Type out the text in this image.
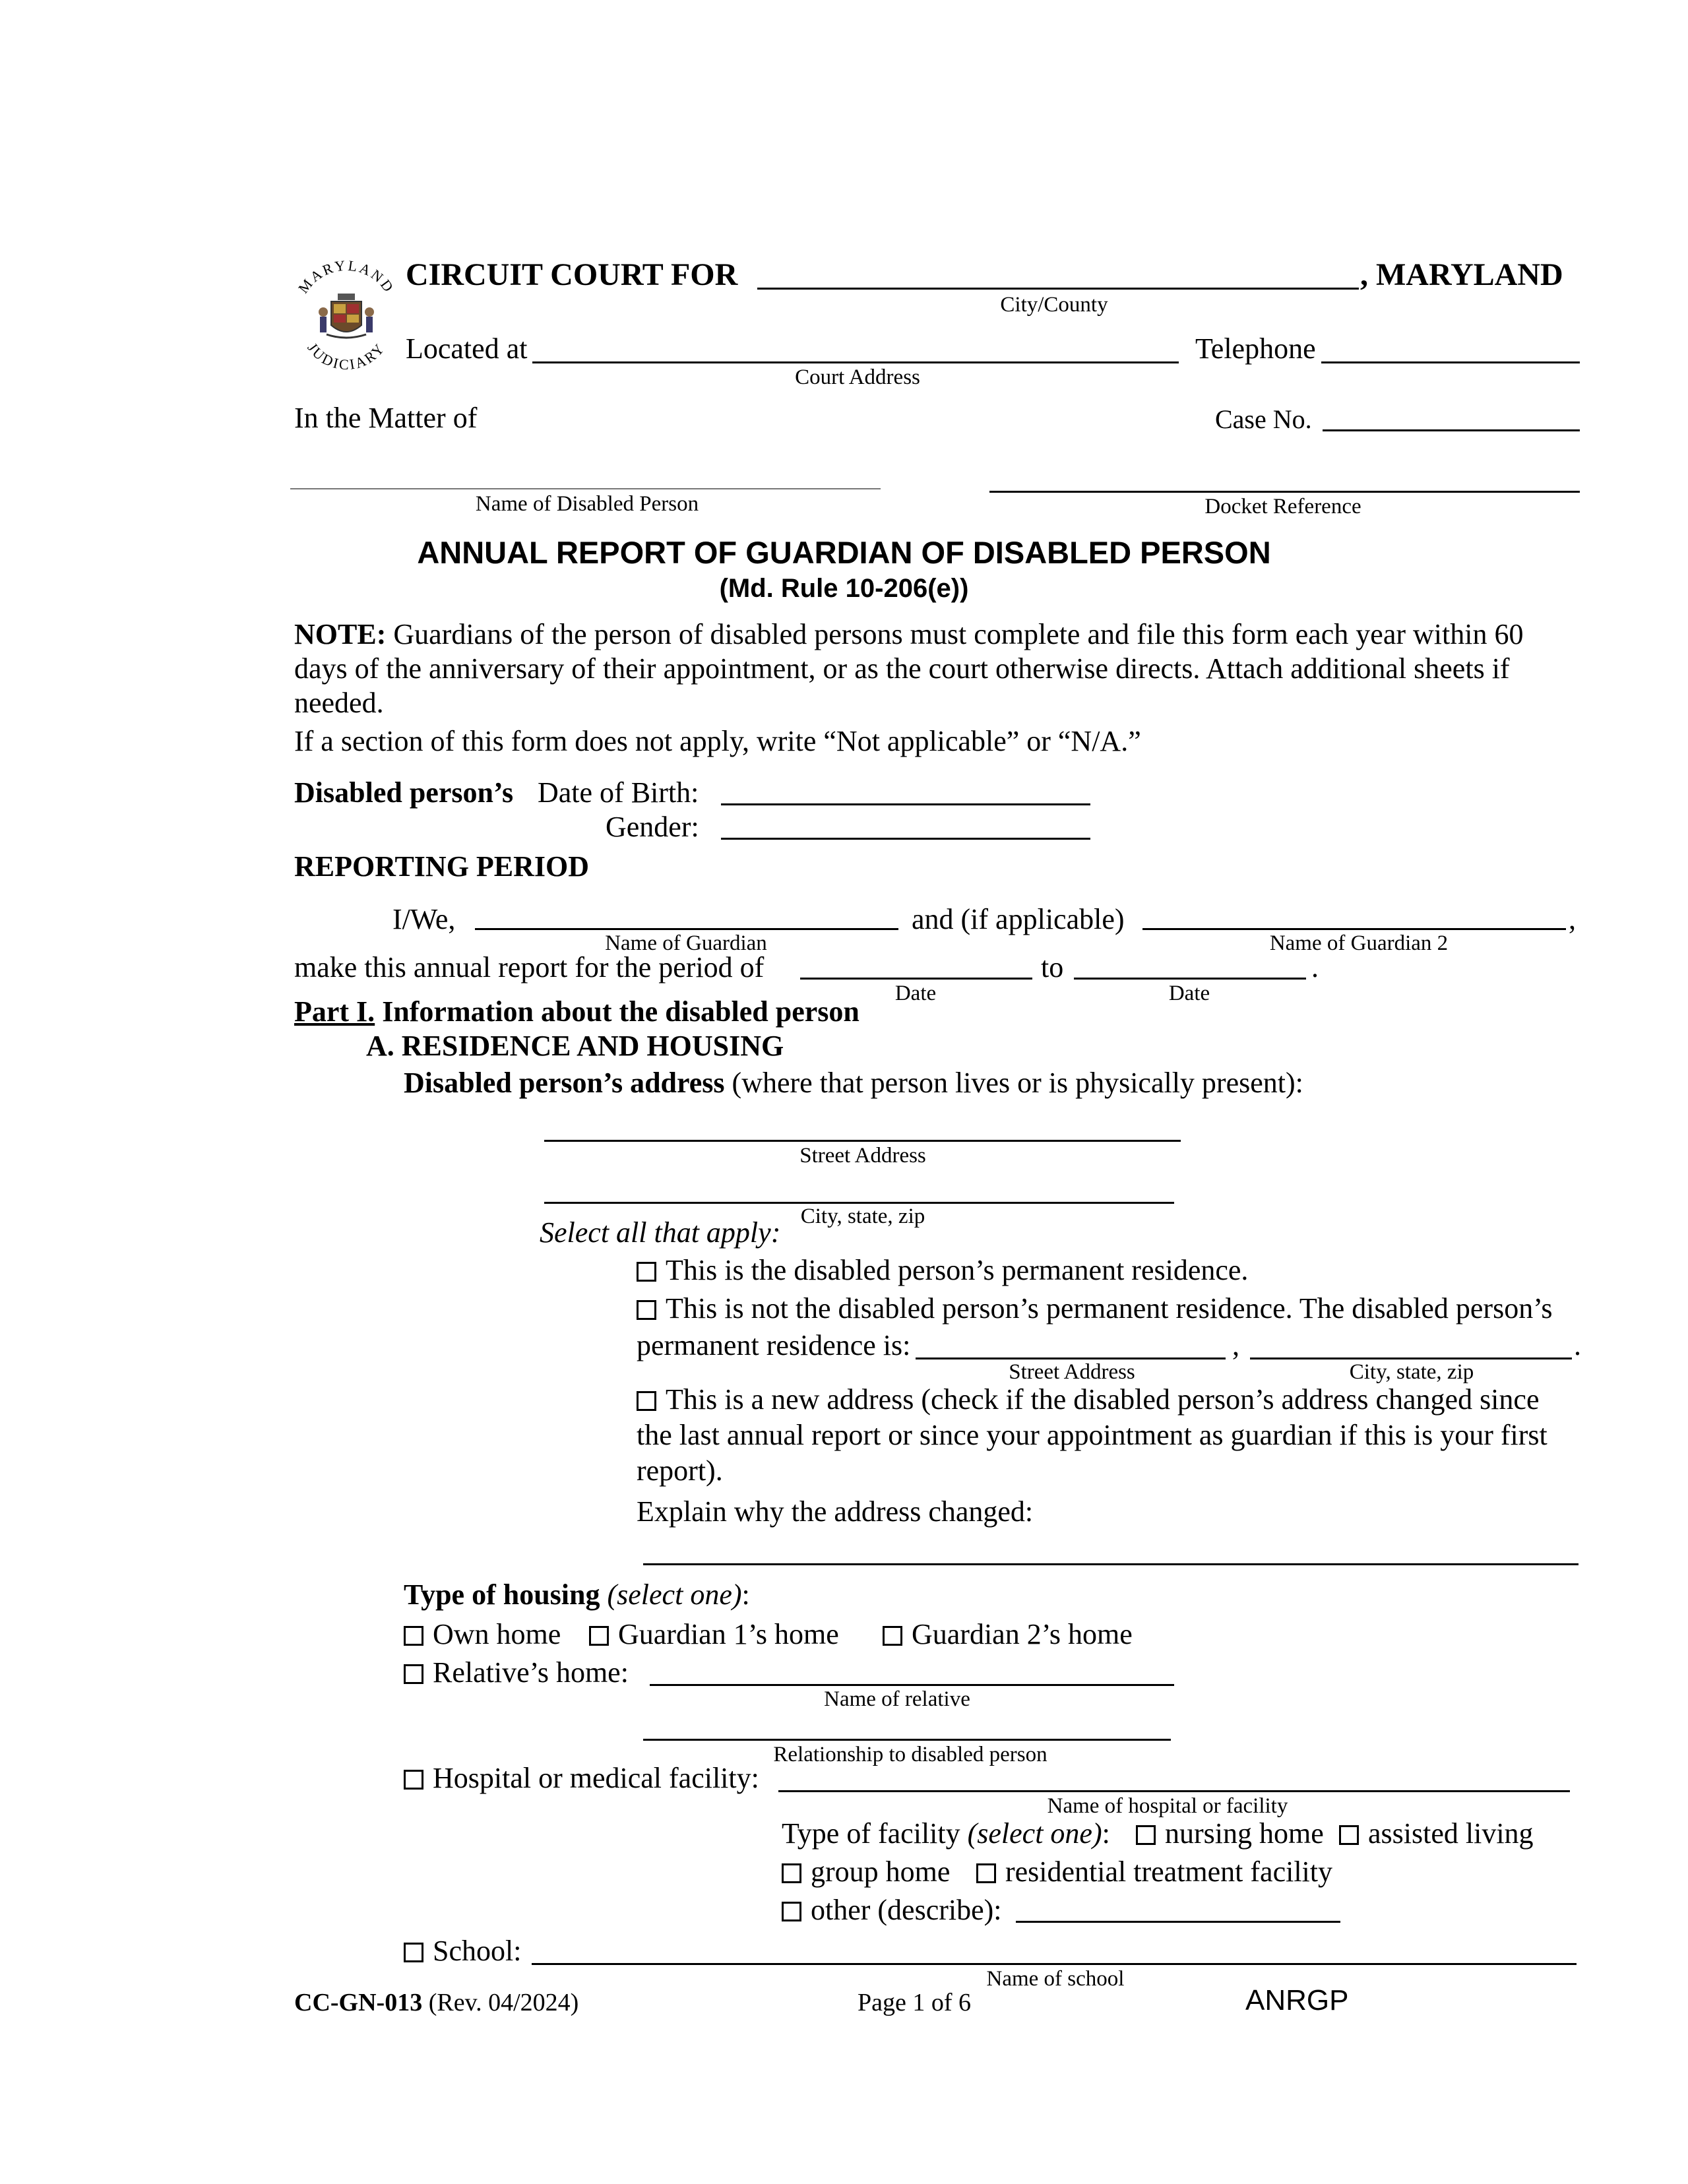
MARYLAND
JUDICIARY
CIRCUIT COURT FOR	, MARYLAND
City/County
Located at	Telephone
Court Address
In the Matter of	Case No.
Name of Disabled Person	Docket Reference
ANNUAL REPORT OF GUARDIAN OF DISABLED PERSON
(Md. Rule 10-206(e))
NOTE: Guardians of the person of disabled persons must complete and file this form each year within 60
days of the anniversary of their appointment, or as the court otherwise directs. Attach additional sheets if
needed.
If a section of this form does not apply, write “Not applicable” or “N/A.”
Disabled person’s Date of Birth:
Gender:
REPORTING PERIOD
I/We,
Name of Guardian
and (if applicable)	,
Name of Guardian 2
make this annual report for the period of	to	.
Date	Date
Part I. Information about the disabled person
A. RESIDENCE AND HOUSING
Disabled person’s address (where that person lives or is physically present):
Street Address
City, state, zip
Select all that apply:
This is the disabled person’s permanent residence.
This is not the disabled person’s permanent residence. The disabled person’s
permanent residence is:	,	.
Street Address	City, state, zip
This is a new address (check if the disabled person’s address changed since
the last annual report or since your appointment as guardian if this is your first
report).
Explain why the address changed:
Type of housing (select one):
Own home	Guardian 1’s home	Guardian 2’s home
Relative’s home:
Name of relative
Relationship to disabled person
Hospital or medical facility:
Name of hospital or facility
Type of facility (select one):	nursing home	assisted living
group home	residential treatment facility
other (describe):
School:
Name of school
CC-GN-013 (Rev. 04/2024)	Page 1 of 6	ANRGP
